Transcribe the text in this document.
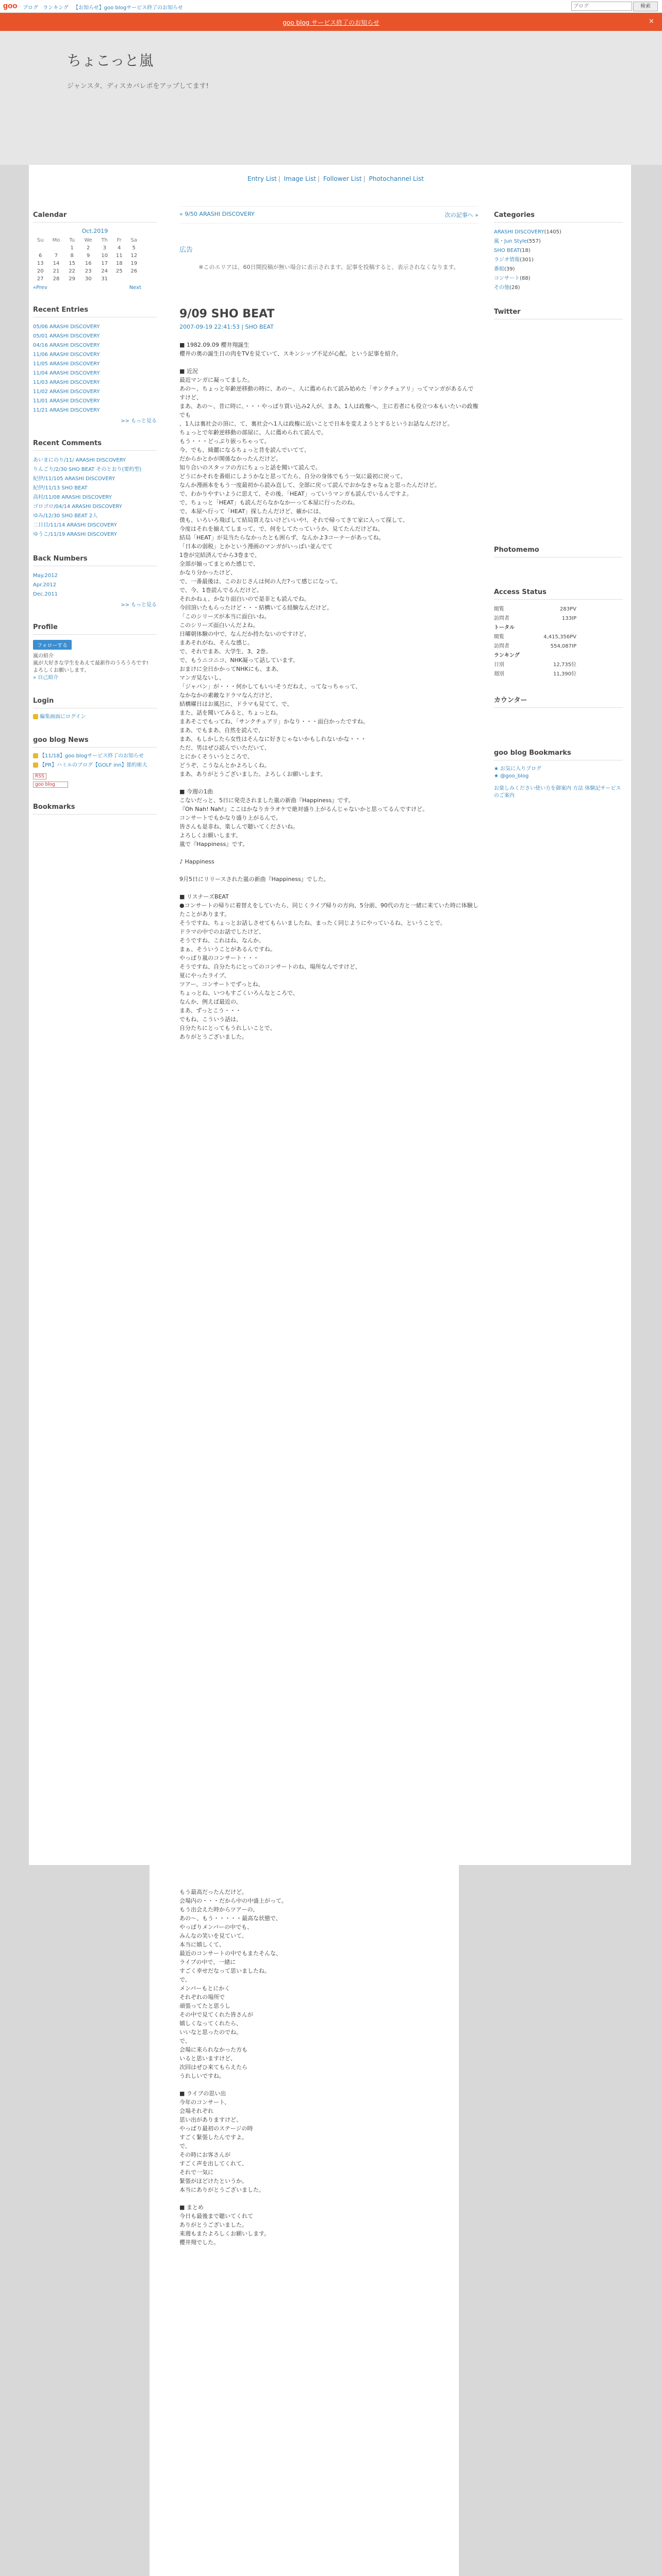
goo ブログ ランキング 【お知らせ】goo blogサービス終了のお知らせ
ブログ	検索
goo blog サービス終了のお知らせ	×
ちょこっと嵐
ジャンスタ、ディスカバレポをアップしてます!
Entry List | Image List | Follower List | Photochannel List
Calendar
Oct.2019
Su	Mo	Tu	We	Th	Fr	Sa
		1	2	3	4	5
6	7	8	9	10	11	12
13	14	15	16	17	18	19
20	21	22	23	24	25	26
27	28	29	30	31		
«Prev	Next
Recent Entries
05/06 ARASHI DISCOVERY
05/01 ARASHI DISCOVERY
04/16 ARASHI DISCOVERY
11/06 ARASHI DISCOVERY
11/05 ARASHI DISCOVERY
11/04 ARASHI DISCOVERY
11/03 ARASHI DISCOVERY
11/02 ARASHI DISCOVERY
11/01 ARASHI DISCOVERY
11/21 ARASHI DISCOVERY
>> もっと見る
Recent Comments
あいまにのり/11/ ARASHI DISCOVERY
りんごり/2/30 SHO BEAT そのとおり(要約型)
紀伊/11/105 ARASHI DISCOVERY
紀伊/11/13 SHO BEAT
高村/11/08 ARASHI DISCOVERY
ゴロゴロ/04/14 ARASHI DISCOVERY
ゆみ/12/30 SHO BEAT 2人
二日目/11/14 ARASHI DISCOVERY
ゆうこ/11/19 ARASHI DISCOVERY
Back Numbers
May.2012
Apr.2012
Dec.2011
>> もっと見る
Profile
フォローする
嵐の紹介
嵐が大好きな学生をあえて最新作のうろうろです!
よろしくお願いします。
» 自己紹介
Login
編集画面にログイン
goo blog News
【11/18】goo blogサービス終了のお知らせ
【PR】ハミルのブログ【GOLF inn】節約術大
RSS
goo blog
Bookmarks
« 9/50 ARASHI DISCOVERY	次の記事へ »
広告
※このエリアは、60日間投稿が無い場合に表示されます。記事を投稿すると、表示されなくなります。
9/09 SHO BEAT
2007-09-19 22:41:53 | SHO BEAT

■ 1982.09.09 櫻井翔誕生

櫻井の奥の誕生日の肉をTVを見ていて、スキンシップ不足が心配。という記事を紹介。

■ 近況

最近マンガに凝ってました。

あの〜、ちょっと年齢逆移動の時に、あの〜、人に薦められて読み始めた「サンクチュアリ」ってマンガがあるんですけど、

まあ、あの〜、昔に時に、・・・やっぱり買い込み2人が、まあ、1人は政権へ、主に若者にも役立つ本もいたいの政権でも

、1人は裏社会の頂に、て、裏社会へ1人は政権に近いことで日本を変えようとするというお話なんだけど。

ちょっとで年齢逆移動の部屋に、人に薦められて読んで。

もう・・・どっぷり嵌っちゃって。

今、でも、綺麗になるちょっと昔を読んでいてて、

だからかとかが関係なかったんだけど。

知り合いのスタッフの方にちょっと話を聞いて読んで。

どうにかそれを番組にしようかなと思ってたら、自分の身体でもう一気に最初に戻って、

なんか漫画本をもう一度最初から読み直して、全部に戻って読んでおかなきゃなぁと思ったんだけど。

で、わかりやすいように思えて、その後、「HEAT」っていうマンガも読んでいるんですよ。

で、ちょっと「HEAT」も読んだらなかなかーって本屋に行ったのね。

で、本屋へ行って「HEAT」探したんだけど、確かには、

僕も、いろいろ飛ばして結局買えないけどいいや!、それで帰ってきて家に入って探して、

今度はそれを揃えてしまって、で、何をしてたっていうか、見てたんだけどね。

結局「HEAT」が見当たらなかったとも困らず、なんかよ3コーナーがあってね。

「日本の弱税」とかという漫画のマンガがいっぱい並んでて

1巻が完結済んでから3巻まで、

全部が揃ってまとめた感じで、

かなり分かったけど、

で、一番最後は、このおじさんは何の人だ?って感じになって。

で、今、1巻読んでるんだけど。

それかねぇ、かなり面白いので是非とも読んでね。

今回頂いたもらったけど・・・結構いてる経験なんだけど。

「このシリーズが本当に面白いね。

このシリーズ面白いんだよね。

日曜朝体験の中で、なんだか持たないのですけど、

まあそれがね、そんな感じ。

で、それでまあ、大学生、3、2巻。

で、もうニコニコ、NHK凝って話しています。

おまけに全日かかってNHKにも、まあ、

マンガ見ないし、

「ジャパン」が・・・何かしてもいいそうだねえ、ってなっちゃって、

なかなかの素敵なドラマなんだけど、

結構曜日はお風呂に、ドラマも見てて、で、

また、話を聞いてみると、ちょっとね。

まあそこでもってね、「サンクチュアリ」かなり・・・面白かったですね。

まあ、でもまあ、自然を読んで、

まあ、もしかしたら女性はそんなに好きじゃないかもしれないかな・・・

ただ、男はぜひ読んでいただいて、

とにかくそういうところで、

どうぞ、こうなんとかよろしくね。

まあ、ありがとうございました、よろしくお願いします。

■ 今週の1曲

こないだっと、5日に発売されました嵐の新曲『Happiness』です。

『Oh Nah! Nah!』ここはかなりカラオケで絶対盛り上がるんじゃないかと思ってるんですけど。

コンサートでもかなり盛り上がるんで。

皆さんも是非ね、楽しんで聴いてくださいね。

よろしくお願いします。

嵐で『Happiness』です。

♪ Happiness

9月5日にリリースされた嵐の新曲『Happiness』でした。

■ リスナーズBEAT

●コンサートの帰りに着替えをしていたら、同じくライブ帰りの方向、5分前、90代の方と一緒に来ていた時に体験したことがあります。

そうですね、ちょっとお話しさせてもらいましたね、まったく同じようにやっているね、ということで。

ドラマの中でのお話でしたけど、

そうですね、これはね、なんか、

まぁ、そういうことがあるんですね。

やっぱり嵐のコンサート・・・

そうですね、自分たちにとってのコンサートのね、場所なんですけど、

夏にやったライブ、

ツアー、コンサートでずっとね、

ちょっとね、いつもすごくいろんなところで、

なんか、例えば最近の、

まあ、ずっとこう・・・

でもね、こういう話は、

自分たちにとってもうれしいことで、

ありがとうございました。

Categories
ARASHI DISCOVERY(1405)
嵐・Jun Style(557)
SHO BEAT(18)
ラジオ情報(301)
番組(39)
コンサート(88)
その他(28)
Twitter
Photomemo
Access Status
閲覧	283PV
訪問者	133IP
トータル
閲覧	4,415,356PV
訪問者	554,087IP
ランキング
日別	12,735位
週別	11,390位
カウンター
goo blog Bookmarks
★ お気に入りブログ
★ @goo_blog
お楽しみください使い方を御案内 方法 体験記サービス のご案内

もう最高だったんだけど。

会場内の・・・だから中の中盛上がって。

もう出会えた時からツアーの、

あの〜、もう・・・・・最高な状態で、

やっぱりメンバーの中でも、

みんなの笑いを見ていて、

本当に嬉しくて、

最近のコンサートの中でもまたそんな、

ライブの中で、一緒に

すごく幸せだなって思いましたね。

で、

メンバーもとにかく

それぞれの場所で

頑張ってたと思うし

その中で見てくれた皆さんが

嬉しくなってくれたら、

いいなと思ったのでね。

で、

会場に来られなかった方も

いると思いますけど、

次回はぜひ来てもらえたら

うれしいですね。

■ ライブの思い出

今年のコンサート、

会場それぞれ

思い出がありますけど、

やっぱり最初のステージの時

すごく緊張したんですよ。

で、

その時にお客さんが

すごく声を出してくれて、

それで一気に

緊張がほどけたというか。

本当にありがとうございました。

■ まとめ

今日も最後まで聴いてくれて

ありがとうございました。

来週もまたよろしくお願いします。

櫻井翔でした。
